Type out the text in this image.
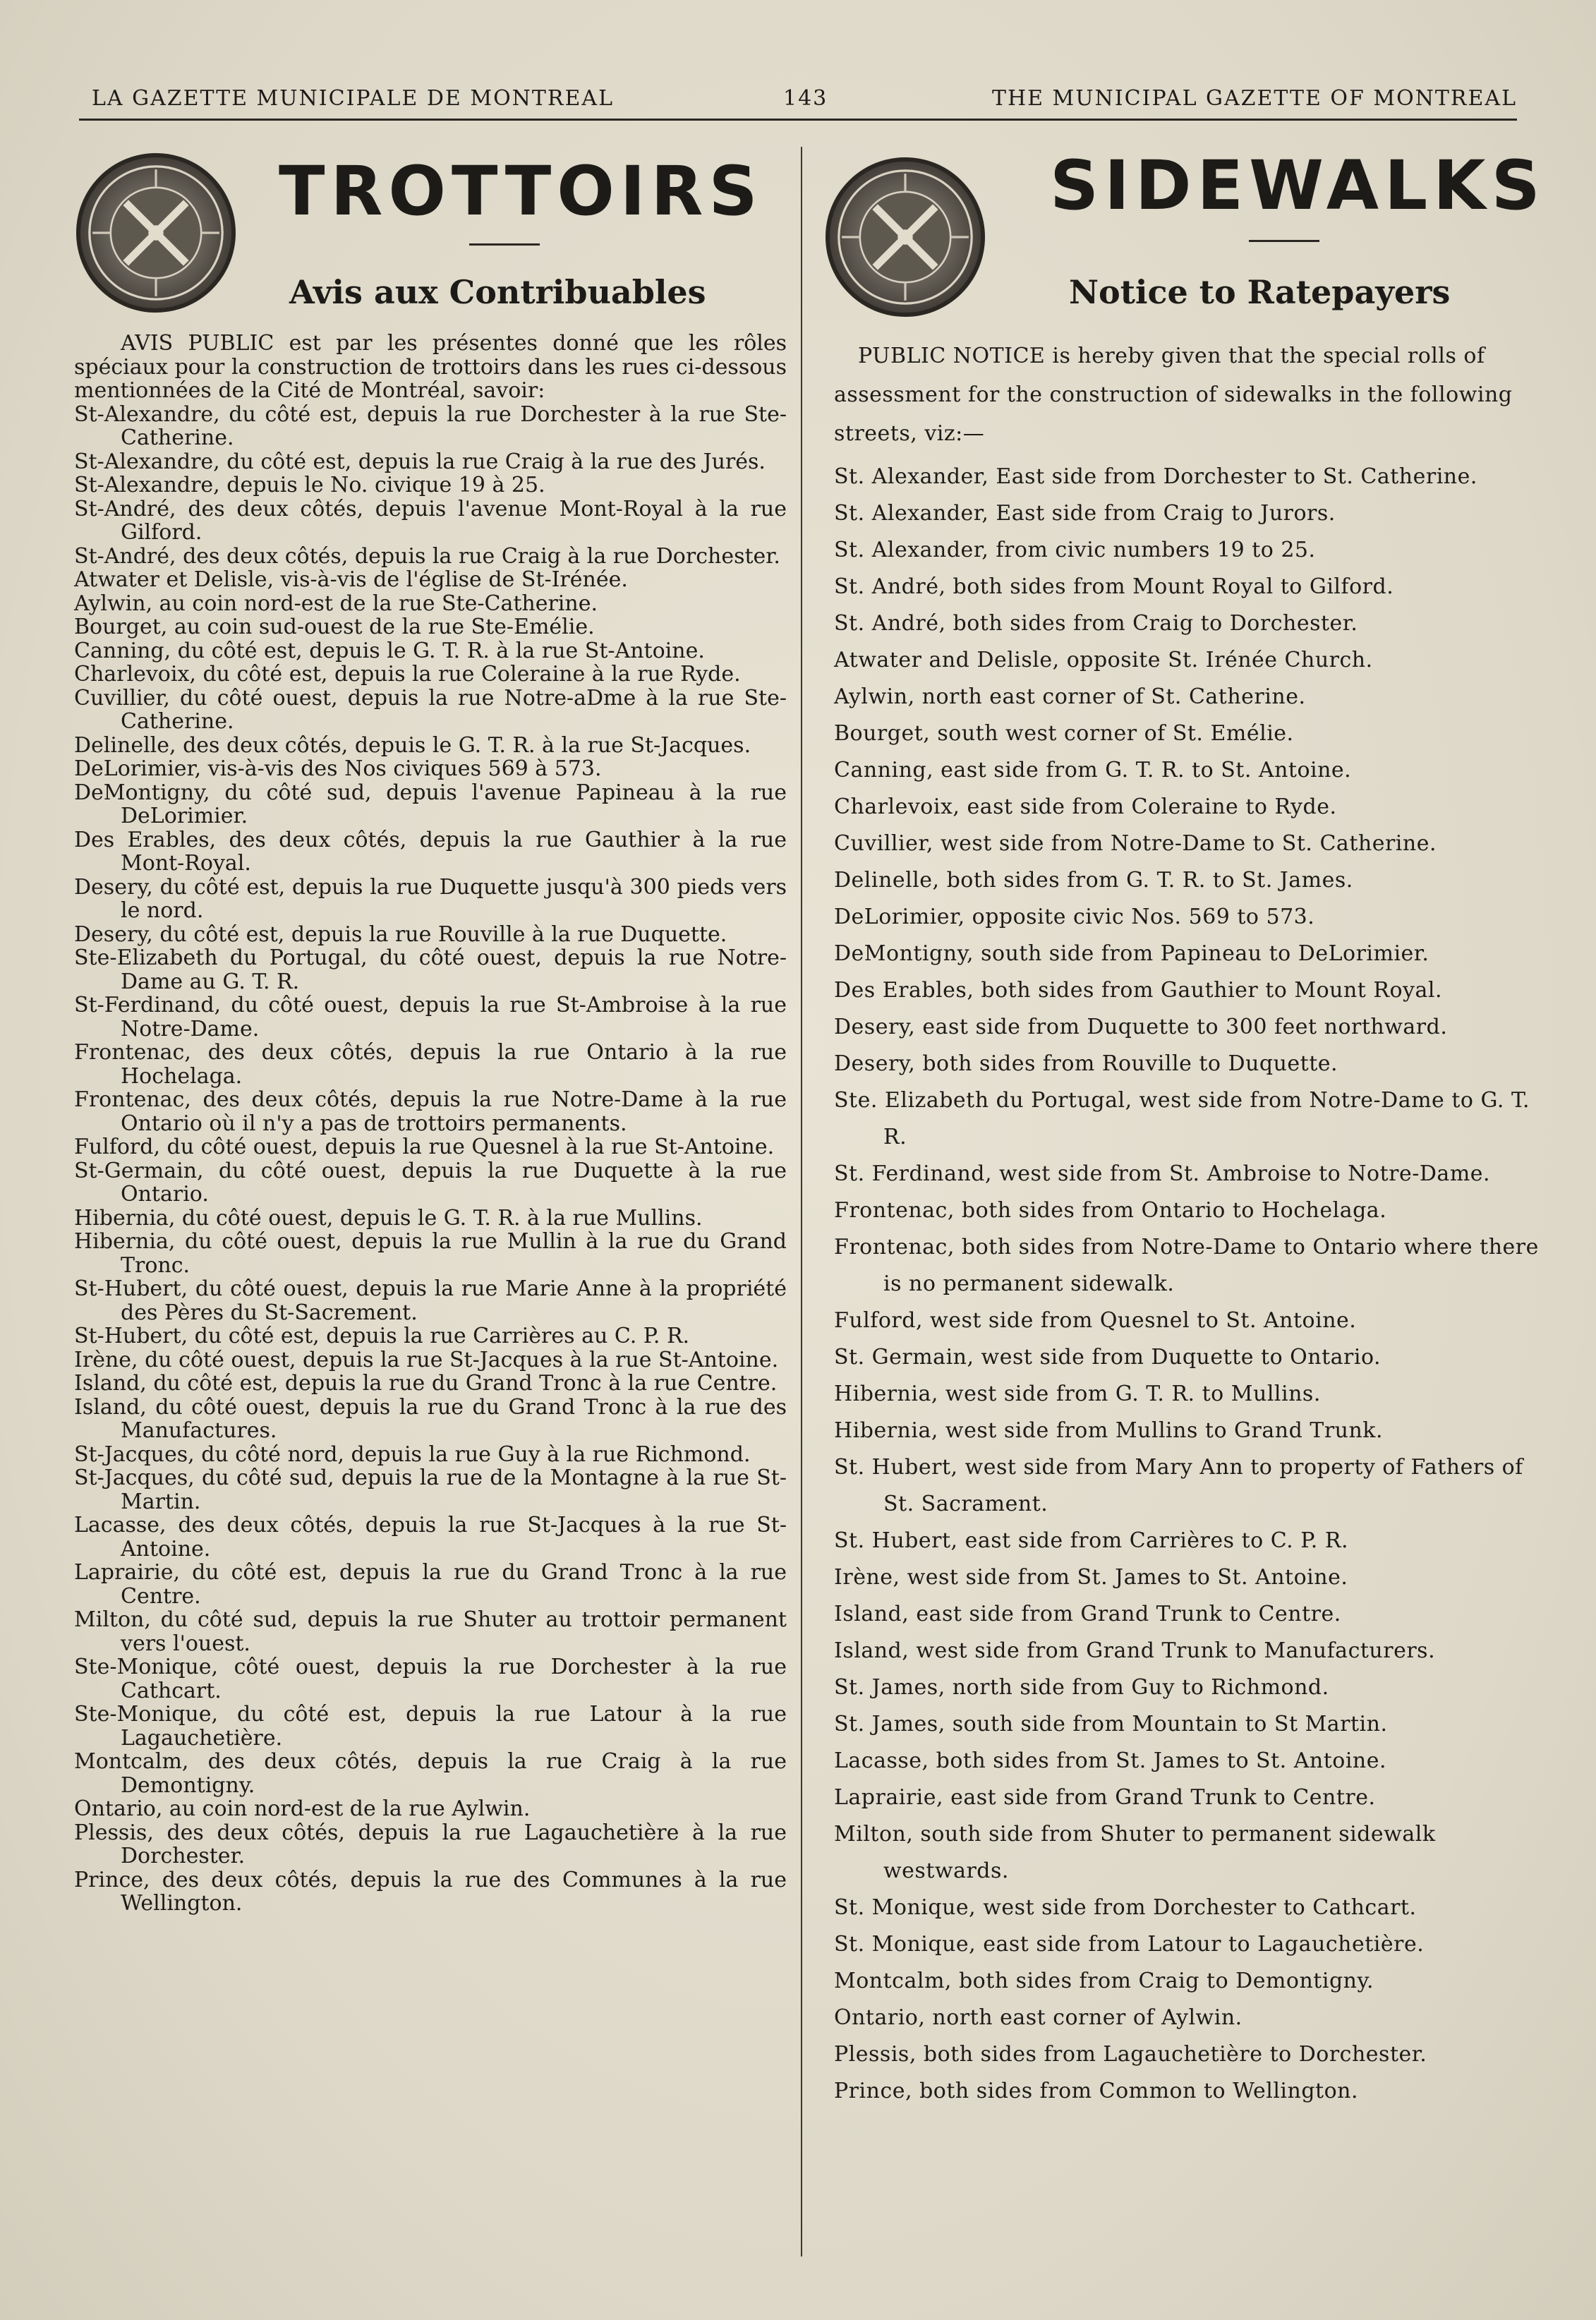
LA GAZETTE MUNICIPALE DE MONTREAL	143	THE MUNICIPAL GAZETTE OF MONTREAL
TROTTOIRS
Avis aux Contribuables

AVIS PUBLIC est par les présentes donné que les rôles spéciaux pour la construction de trottoirs dans les rues ci-dessous mentionnées de la Cité de Montréal, savoir:

St-Alexandre, du côté est, depuis la rue Dorchester à la rue Ste-Catherine.

St-Alexandre, du côté est, depuis la rue Craig à la rue des Jurés.

St-Alexandre, depuis le No. civique 19 à 25.

St-André, des deux côtés, depuis l'avenue Mont-Royal à la rue Gilford.

St-André, des deux côtés, depuis la rue Craig à la rue Dorchester.

Atwater et Delisle, vis-à-vis de l'église de St-Irénée.

Aylwin, au coin nord-est de la rue Ste-Catherine.

Bourget, au coin sud-ouest de la rue Ste-Emélie.

Canning, du côté est, depuis le G. T. R. à la rue St-Antoine.

Charlevoix, du côté est, depuis la rue Coleraine à la rue Ryde.

Cuvillier, du côté ouest, depuis la rue Notre-aDme à la rue Ste-Catherine.

Delinelle, des deux côtés, depuis le G. T. R. à la rue St-Jacques.

DeLorimier, vis-à-vis des Nos civiques 569 à 573.

DeMontigny, du côté sud, depuis l'avenue Papineau à la rue DeLorimier.

Des Erables, des deux côtés, depuis la rue Gauthier à la rue Mont-Royal.

Desery, du côté est, depuis la rue Duquette jusqu'à 300 pieds vers le nord.

Desery, du côté est, depuis la rue Rouville à la rue Duquette.

Ste-Elizabeth du Portugal, du côté ouest, depuis la rue Notre-Dame au G. T. R.

St-Ferdinand, du côté ouest, depuis la rue St-Ambroise à la rue Notre-Dame.

Frontenac, des deux côtés, depuis la rue Ontario à la rue Hochelaga.

Frontenac, des deux côtés, depuis la rue Notre-Dame à la rue Ontario où il n'y a pas de trottoirs permanents.

Fulford, du côté ouest, depuis la rue Quesnel à la rue St-Antoine.

St-Germain, du côté ouest, depuis la rue Duquette à la rue Ontario.

Hibernia, du côté ouest, depuis le G. T. R. à la rue Mullins.

Hibernia, du côté ouest, depuis la rue Mullin à la rue du Grand Tronc.

St-Hubert, du côté ouest, depuis la rue Marie Anne à la propriété des Pères du St-Sacrement.

St-Hubert, du côté est, depuis la rue Carrières au C. P. R.

Irène, du côté ouest, depuis la rue St-Jacques à la rue St-Antoine.

Island, du côté est, depuis la rue du Grand Tronc à la rue Centre.

Island, du côté ouest, depuis la rue du Grand Tronc à la rue des Manufactures.

St-Jacques, du côté nord, depuis la rue Guy à la rue Richmond.

St-Jacques, du côté sud, depuis la rue de la Montagne à la rue St-Martin.

Lacasse, des deux côtés, depuis la rue St-Jacques à la rue St-Antoine.

Laprairie, du côté est, depuis la rue du Grand Tronc à la rue Centre.

Milton, du côté sud, depuis la rue Shuter au trottoir permanent vers l'ouest.

Ste-Monique, côté ouest, depuis la rue Dorchester à la rue Cathcart.

Ste-Monique, du côté est, depuis la rue Latour à la rue Lagauchetière.

Montcalm, des deux côtés, depuis la rue Craig à la rue Demontigny.

Ontario, au coin nord-est de la rue Aylwin.

Plessis, des deux côtés, depuis la rue Lagauchetière à la rue Dorchester.

Prince, des deux côtés, depuis la rue des Communes à la rue Wellington.

SIDEWALKS
Notice to Ratepayers

PUBLIC NOTICE is hereby given that the special rolls of assessment for the construction of sidewalks in the following streets, viz:—

St. Alexander, East side from Dorchester to St. Catherine.

St. Alexander, East side from Craig to Jurors.

St. Alexander, from civic numbers 19 to 25.

St. André, both sides from Mount Royal to Gilford.

St. André, both sides from Craig to Dorchester.

Atwater and Delisle, opposite St. Irénée Church.

Aylwin, north east corner of St. Catherine.

Bourget, south west corner of St. Emélie.

Canning, east side from G. T. R. to St. Antoine.

Charlevoix, east side from Coleraine to Ryde.

Cuvillier, west side from Notre-Dame to St. Catherine.

Delinelle, both sides from G. T. R. to St. James.

DeLorimier, opposite civic Nos. 569 to 573.

DeMontigny, south side from Papineau to DeLorimier.

Des Erables, both sides from Gauthier to Mount Royal.

Desery, east side from Duquette to 300 feet northward.

Desery, both sides from Rouville to Duquette.

Ste. Elizabeth du Portugal, west side from Notre-Dame to G. T. R.

St. Ferdinand, west side from St. Ambroise to Notre-Dame.

Frontenac, both sides from Ontario to Hochelaga.

Frontenac, both sides from Notre-Dame to Ontario where there is no permanent sidewalk.

Fulford, west side from Quesnel to St. Antoine.

St. Germain, west side from Duquette to Ontario.

Hibernia, west side from G. T. R. to Mullins.

Hibernia, west side from Mullins to Grand Trunk.

St. Hubert, west side from Mary Ann to property of Fathers of St. Sacrament.

St. Hubert, east side from Carrières to C. P. R.

Irène, west side from St. James to St. Antoine.

Island, east side from Grand Trunk to Centre.

Island, west side from Grand Trunk to Manufacturers.

St. James, north side from Guy to Richmond.

St. James, south side from Mountain to St Martin.

Lacasse, both sides from St. James to St. Antoine.

Laprairie, east side from Grand Trunk to Centre.

Milton, south side from Shuter to permanent sidewalk westwards.

St. Monique, west side from Dorchester to Cathcart.

St. Monique, east side from Latour to Lagauchetière.

Montcalm, both sides from Craig to Demontigny.

Ontario, north east corner of Aylwin.

Plessis, both sides from Lagauchetière to Dorchester.

Prince, both sides from Common to Wellington.
